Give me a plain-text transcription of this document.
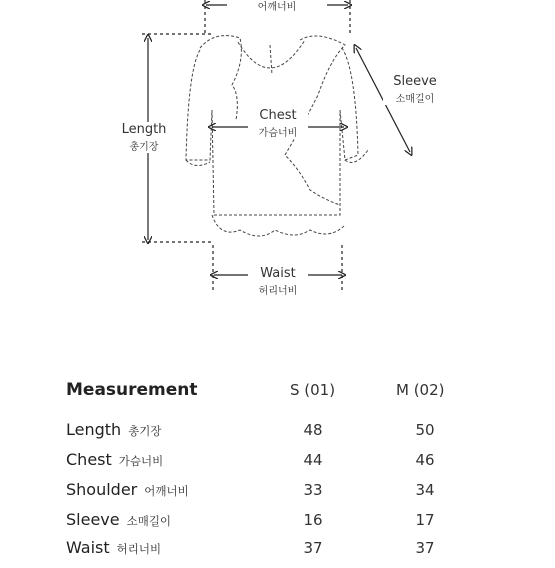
어깨너비
Sleeve
소매길이
Length
총기장
Chest
가슴너비
Waist
허리너비
Measurement	S (01)	M (02)
Length 총기장	48	50
Chest 가슴너비	44	46
Shoulder 어깨너비	33	34
Sleeve 소매길이	16	17
Waist 허리너비	37	37
